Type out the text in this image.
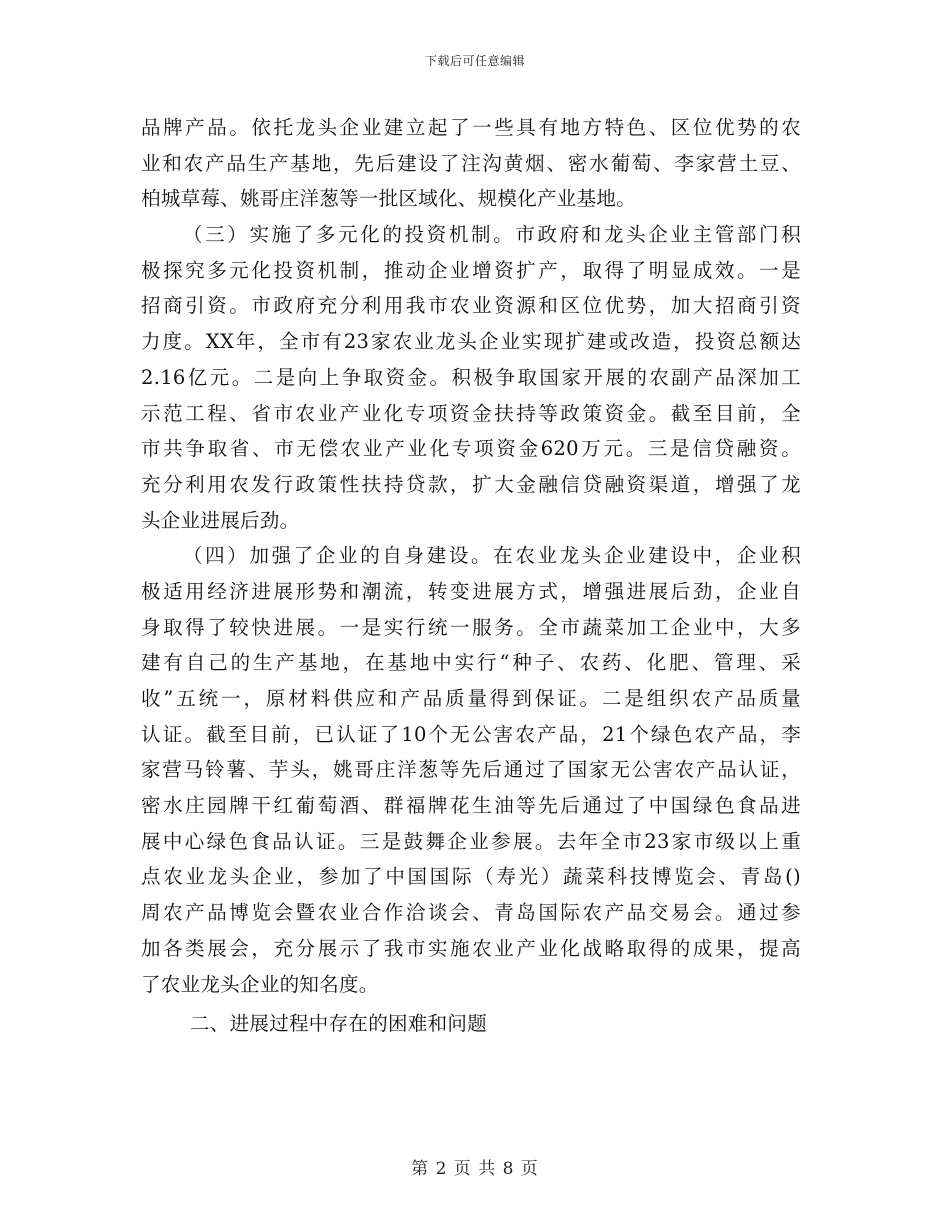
下载后可任意编辑
品牌产品。依托龙头企业建立起了一些具有地方特色、区位优势的农
业和农产品生产基地，先后建设了注沟黄烟、密水葡萄、李家营土豆、
柏城草莓、姚哥庄洋葱等一批区域化、规模化产业基地。
（三）实施了多元化的投资机制。市政府和龙头企业主管部门积
极探究多元化投资机制，推动企业增资扩产，取得了明显成效。一是
招商引资。市政府充分利用我市农业资源和区位优势，加大招商引资
力度。XX年，全市有23家农业龙头企业实现扩建或改造，投资总额达
2.16亿元。二是向上争取资金。积极争取国家开展的农副产品深加工
示范工程、省市农业产业化专项资金扶持等政策资金。截至目前，全
市共争取省、市无偿农业产业化专项资金620万元。三是信贷融资。
充分利用农发行政策性扶持贷款，扩大金融信贷融资渠道，增强了龙
头企业进展后劲。
（四）加强了企业的自身建设。在农业龙头企业建设中，企业积
极适用经济进展形势和潮流，转变进展方式，增强进展后劲，企业自
身取得了较快进展。一是实行统一服务。全市蔬菜加工企业中，大多
建有自己的生产基地，在基地中实行“种子、农药、化肥、管理、采
收”五统一，原材料供应和产品质量得到保证。二是组织农产品质量
认证。截至目前，已认证了10个无公害农产品，21个绿色农产品，李
家营马铃薯、芋头，姚哥庄洋葱等先后通过了国家无公害农产品认证，
密水庄园牌干红葡萄酒、群福牌花生油等先后通过了中国绿色食品进
展中心绿色食品认证。三是鼓舞企业参展。去年全市23家市级以上重
点农业龙头企业，参加了中国国际（寿光）蔬菜科技博览会、青岛()
周农产品博览会暨农业合作洽谈会、青岛国际农产品交易会。通过参
加各类展会，充分展示了我市实施农业产业化战略取得的成果，提高
了农业龙头企业的知名度。
二、进展过程中存在的困难和问题
第 2 页 共 8 页
